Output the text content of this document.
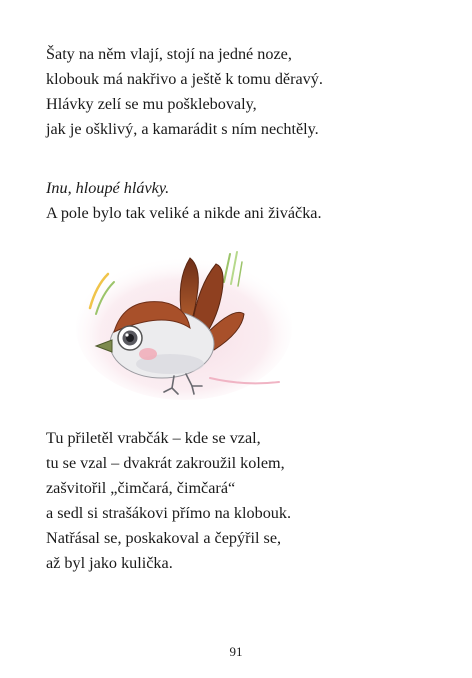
Šaty na něm vlají, stojí na jedné noze,
klobouk má nakřivo a ještě k tomu děravý.
Hlávky zelí se mu pošklebovaly,
jak je ošklivý, a kamarádit s ním nechtěly.
Inu, hloupé hlávky.
A pole bylo tak veliké a nikde ani živáčka.
Tu přiletěl vrabčák – kde se vzal,
tu se vzal – dvakrát zakroužil kolem,
zašvitořil „čimčará, čimčará“
a sedl si strašákovi přímo na klobouk.
Natřásal se, poskakoval a čepýřil se,
až byl jako kulička.
91
